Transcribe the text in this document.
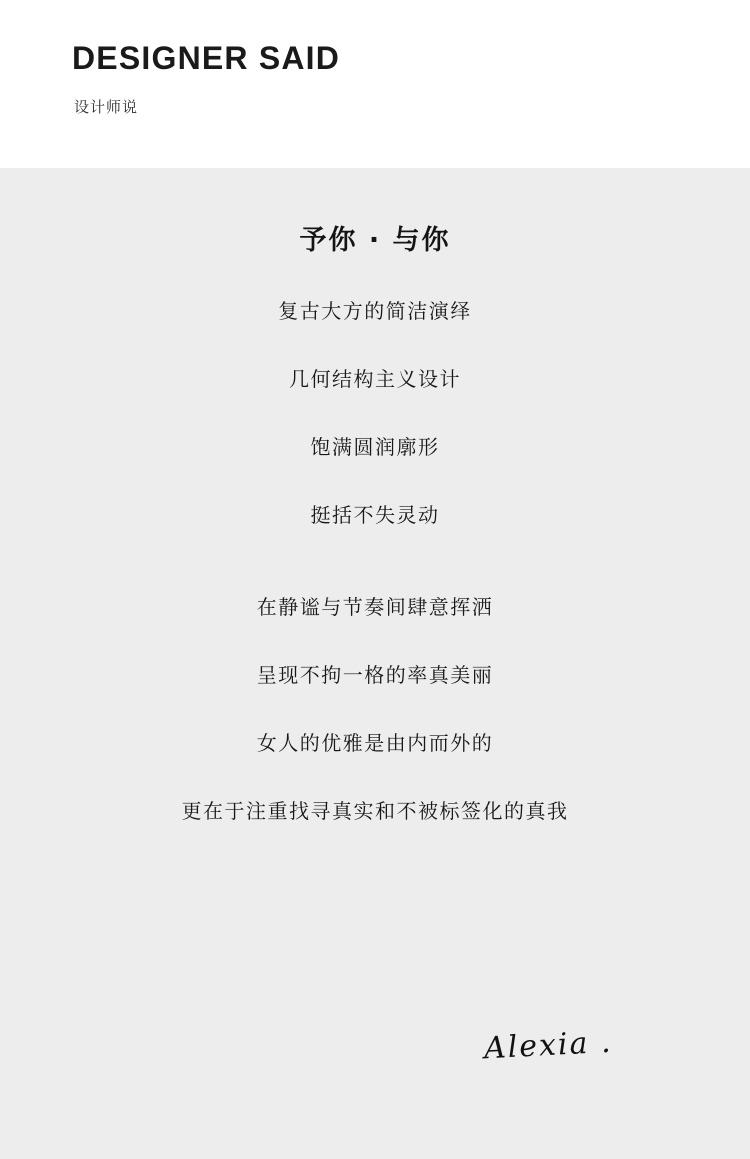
DESIGNER SAID
设计师说
予你 · 与你

复古大方的简洁演绎

几何结构主义设计

饱满圆润廓形

挺括不失灵动

在静谧与节奏间肆意挥洒

呈现不拘一格的率真美丽

女人的优雅是由内而外的

更在于注重找寻真实和不被标签化的真我

Alexia .
